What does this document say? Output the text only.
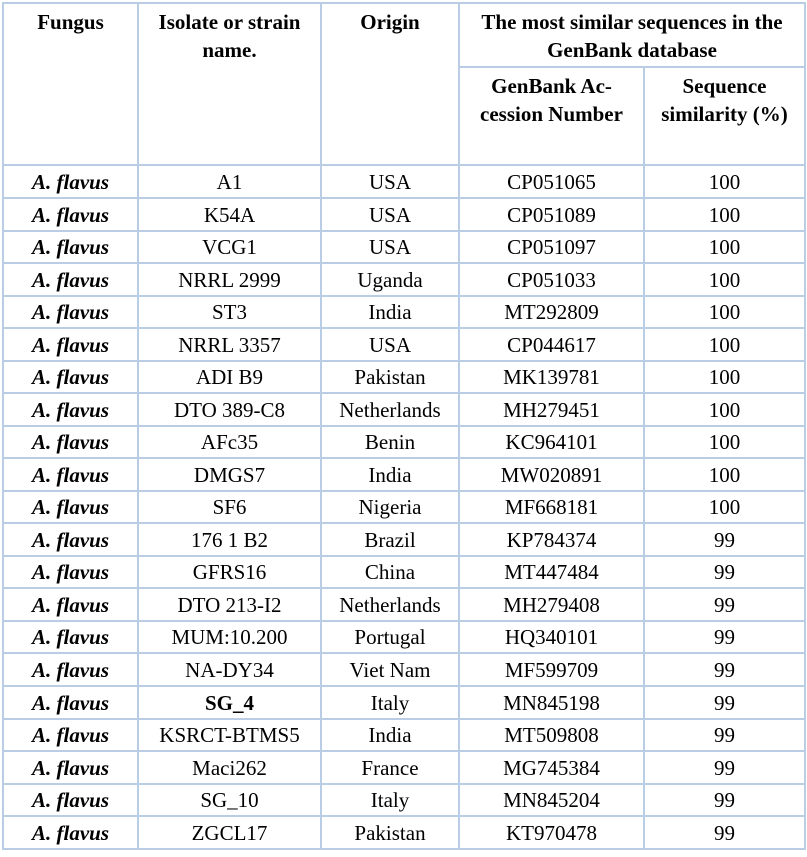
Fungus	Isolate or strain name.	Origin	The most similar sequences in the GenBank database	
			GenBank Ac-cession Number	Sequence similarity (%)
A. flavus	A1	USA	CP051065	100
A. flavus	K54A	USA	CP051089	100
A. flavus	VCG1	USA	CP051097	100
A. flavus	NRRL 2999	Uganda	CP051033	100
A. flavus	ST3	India	MT292809	100
A. flavus	NRRL 3357	USA	CP044617	100
A. flavus	ADI B9	Pakistan	MK139781	100
A. flavus	DTO 389-C8	Netherlands	MH279451	100
A. flavus	AFc35	Benin	KC964101	100
A. flavus	DMGS7	India	MW020891	100
A. flavus	SF6	Nigeria	MF668181	100
A. flavus	176 1 B2	Brazil	KP784374	99
A. flavus	GFRS16	China	MT447484	99
A. flavus	DTO 213-I2	Netherlands	MH279408	99
A. flavus	MUM:10.200	Portugal	HQ340101	99
A. flavus	NA-DY34	Viet Nam	MF599709	99
A. flavus	SG_4	Italy	MN845198	99
A. flavus	KSRCT-BTMS5	India	MT509808	99
A. flavus	Maci262	France	MG745384	99
A. flavus	SG_10	Italy	MN845204	99
A. flavus	ZGCL17	Pakistan	KT970478	99
